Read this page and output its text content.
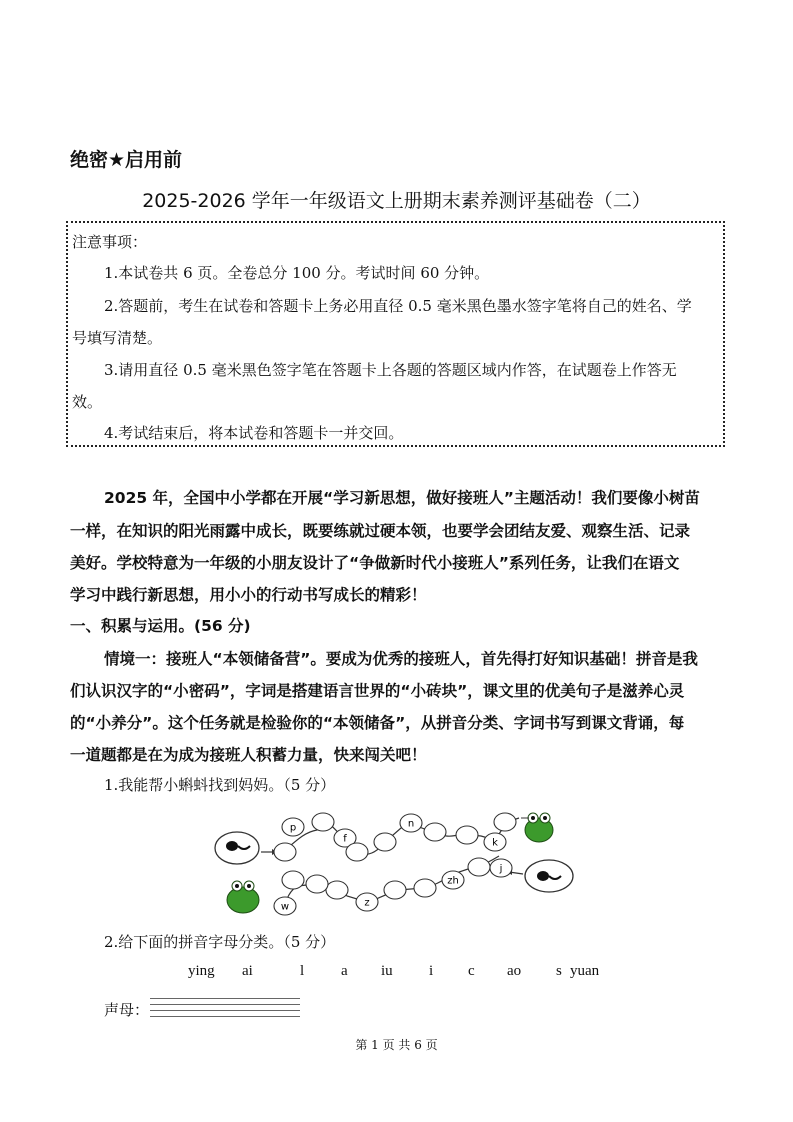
绝密★启用前
2025-2026 学年一年级语文上册期末素养测评基础卷（二）
注意事项：
1.本试卷共 6 页。全卷总分 100 分。考试时间 60 分钟。
2.答题前，考生在试卷和答题卡上务必用直径 0.5 毫米黑色墨水签字笔将自己的姓名、学
号填写清楚。
3.请用直径 0.5 毫米黑色签字笔在答题卡上各题的答题区域内作答，在试题卷上作答无
效。
4.考试结束后，将本试卷和答题卡一并交回。
2025 年，全国中小学都在开展“学习新思想，做好接班人”主题活动！我们要像小树苗
一样，在知识的阳光雨露中成长，既要练就过硬本领，也要学会团结友爱、观察生活、记录
美好。学校特意为一年级的小朋友设计了“争做新时代小接班人”系列任务，让我们在语文
学习中践行新思想，用小小的行动书写成长的精彩！
一、积累与运用。(56 分)
情境一：接班人“本领储备营”。要成为优秀的接班人，首先得打好知识基础！拼音是我
们认识汉字的“小密码”，字词是搭建语言世界的“小砖块”，课文里的优美句子是滋养心灵
的“小养分”。这个任务就是检验你的“本领储备”，从拼音分类、字词书写到课文背诵，每
一道题都是在为成为接班人积蓄力量，快来闯关吧！
1.我能帮小蝌蚪找到妈妈。（5 分）
p
f
n
k
j
zh
z
w
2.给下面的拼音字母分类。（5 分）
ying ai	l a iu i c ao s yuan
声母：
第 1 页 共 6 页
